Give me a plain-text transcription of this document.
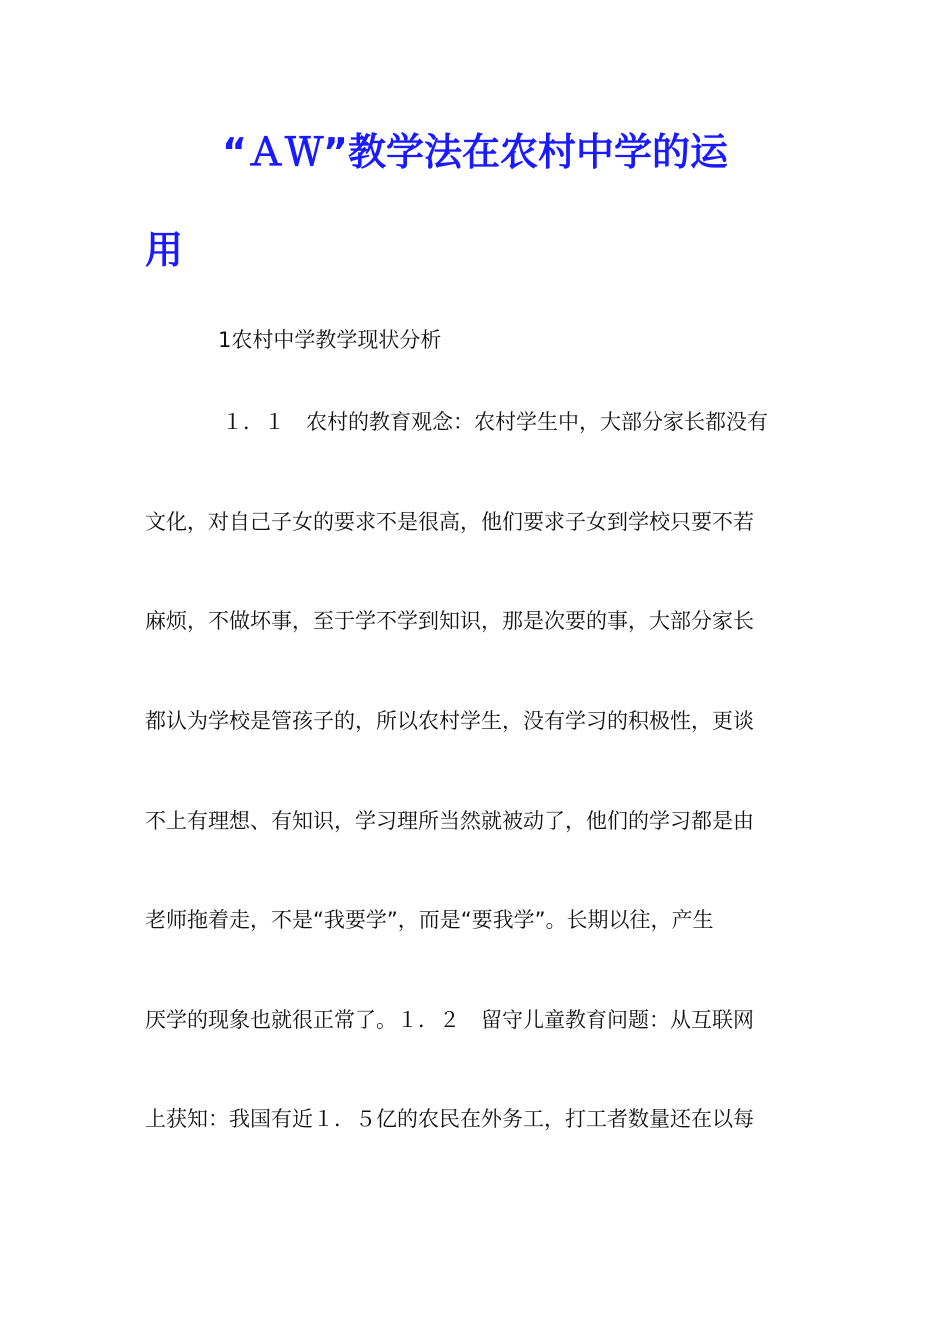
“ＡＷ”教学法在农村中学的运
用
1农村中学教学现状分析
１．１　农村的教育观念：农村学生中，大部分家长都没有
文化，对自己子女的要求不是很高，他们要求子女到学校只要不若
麻烦，不做坏事，至于学不学到知识，那是次要的事，大部分家长
都认为学校是管孩子的，所以农村学生，没有学习的积极性，更谈
不上有理想、有知识，学习理所当然就被动了，他们的学习都是由
老师拖着走，不是“我要学”，而是“要我学”。长期以往，产生
厌学的现象也就很正常了。１．２　留守儿童教育问题：从互联网
上获知：我国有近１．５亿的农民在外务工，打工者数量还在以每
